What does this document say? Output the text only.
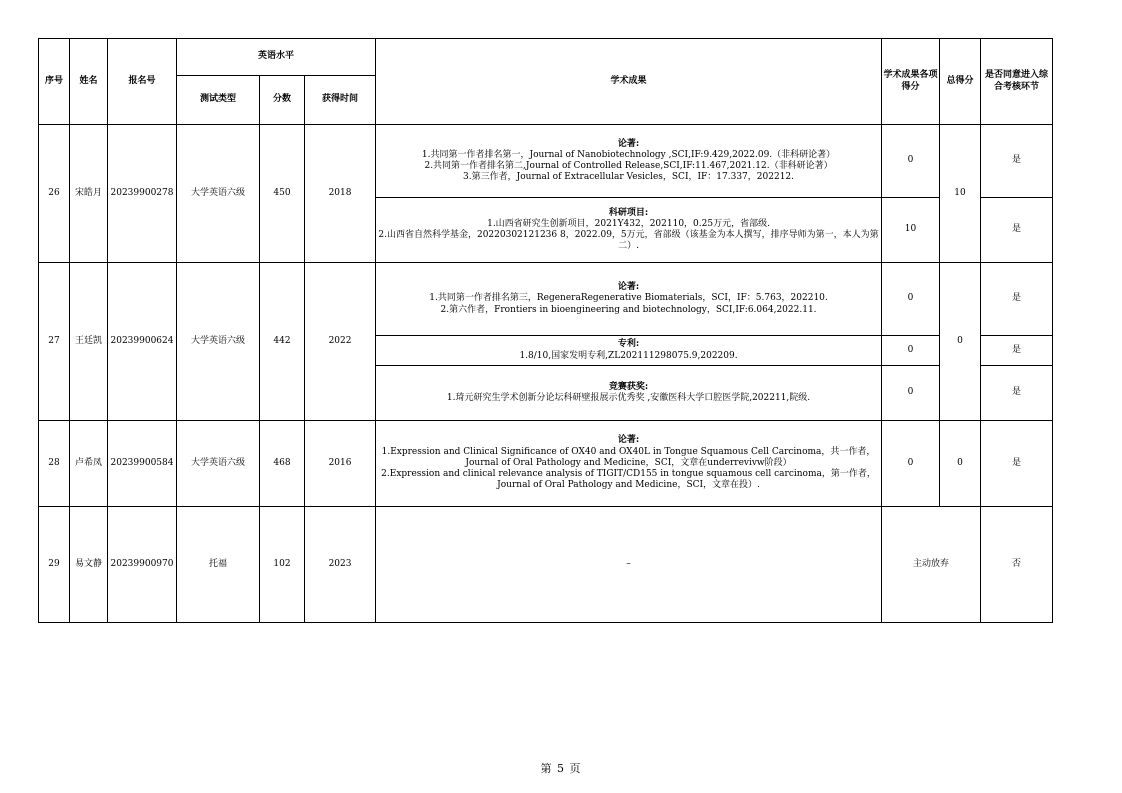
序号	姓名	报名号	英语水平			学术成果	学术成果各项得分	总得分	是否同意进入综合考核环节
			测试类型	分数	获得时间				
26	宋皓月	20239900278	大学英语六级	450	2018	论著:
1.共同第一作者排名第一，Journal of Nanobiotechnology ,SCI,IF:9.429,2022.09.（非科研论著）
2.共同第一作者排名第二,Journal of Controlled Release,SCI,IF:11.467,2021.12.（非科研论著）
3.第三作者，Journal of Extracellular Vesicles，SCI，IF：17.337，202212.	0	10	是

						科研项目:
1.山西省研究生创新项目，2021Y432，202110，0.25万元，省部级.
2.山西省自然科学基金，20220302121236 8，2022.09，5万元，省部级（该基金为本人撰写，排序导师为第一，本人为第二）.	10		是
27	王廷凯	20239900624	大学英语六级	442	2022	论著:
1.共同第一作者排名第三，RegeneraRegenerative Biomaterials，SCI，IF：5.763，202210.
2.第六作者，Frontiers in bioengineering and biotechnology，SCI,IF:6.064,2022.11.	0	0	是

						专利:
1.8/10,国家发明专利,ZL202111298075.9,202209.	0		是

						竞赛获奖:
1.琦元研究生学术创新分论坛科研壁报展示优秀奖 ,安徽医科大学口腔医学院,202211,院级.	0		是
28	卢希凤	20239900584	大学英语六级	468	2016	论著:
1.Expression and Clinical Significance of OX40 and OX40L in Tongue Squamous Cell Carcinoma，共一作者，Journal of Oral Pathology and Medicine，SCI，文章在underrevivw阶段）
2.Expression and clinical relevance analysis of TIGIT/CD155 in tongue squamous cell carcinoma，第一作者，Journal of Oral Pathology and Medicine，SCI，文章在投）.	0	0	是
29	易文静	20239900970	托福	102	2023	–	主动放弃		否
第 5 页
